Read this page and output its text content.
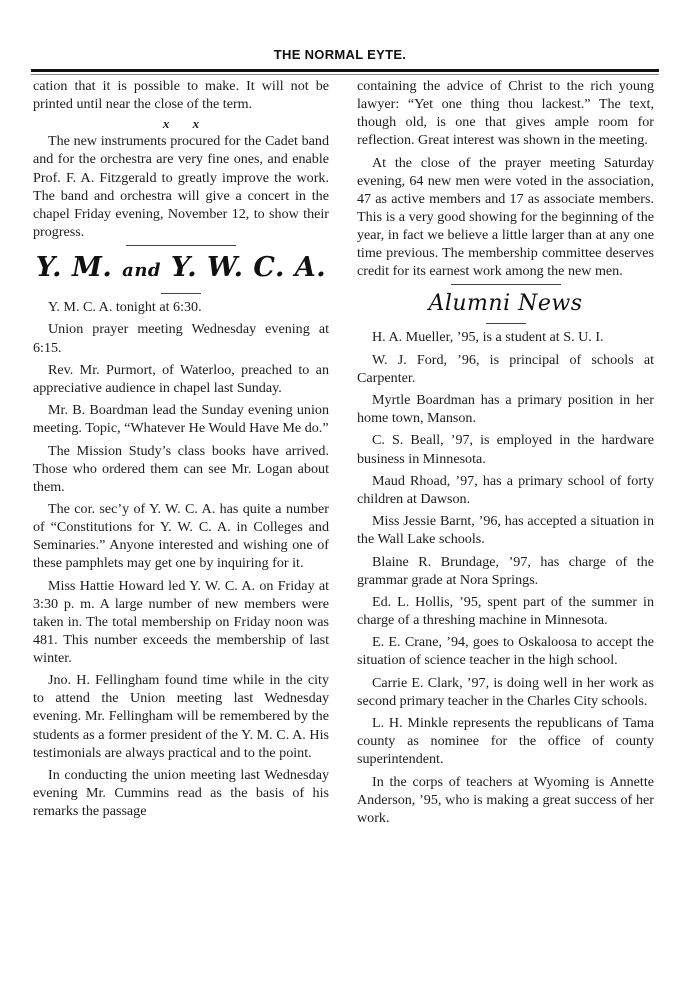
THE NORMAL EYTE.

cation that it is possible to make. It will not be printed until near the close of the term.

x x

The new instruments procured for the Cadet band and for the orchestra are very fine ones, and enable Prof. F. A. Fitzgerald to greatly improve the work. The band and orchestra will give a concert in the chapel Friday evening, November 12, to show their progress.

Y. M. and Y. W. C. A.

Y. M. C. A. tonight at 6:30.

Union prayer meeting Wednesday evening at 6:15.

Rev. Mr. Purmort, of Waterloo, preached to an appreciative audience in chapel last Sunday.

Mr. B. Boardman lead the Sunday evening union meeting. Topic, “Whatever He Would Have Me do.”

The Mission Study’s class books have arrived. Those who ordered them can see Mr. Logan about them.

The cor. sec’y of Y. W. C. A. has quite a number of “Constitutions for Y. W. C. A. in Colleges and Seminaries.” Anyone interested and wishing one of these pamphlets may get one by inquiring for it.

Miss Hattie Howard led Y. W. C. A. on Friday at 3:30 p. m. A large number of new members were taken in. The total membership on Friday noon was 481. This number exceeds the membership of last winter.

Jno. H. Fellingham found time while in the city to attend the Union meeting last Wednesday evening. Mr. Fellingham will be remembered by the students as a former president of the Y. M. C. A. His testimonials are always practical and to the point.

In conducting the union meeting last Wednesday evening Mr. Cummins read as the basis of his remarks the passage

containing the advice of Christ to the rich young lawyer: “Yet one thing thou lackest.” The text, though old, is one that gives ample room for reflection. Great interest was shown in the meeting.

At the close of the prayer meeting Saturday evening, 64 new men were voted in the association, 47 as active members and 17 as associate members. This is a very good showing for the beginning of the year, in fact we believe a little larger than at any one time previous. The membership committee deserves credit for its earnest work among the new men.

Alumni News

H. A. Mueller, ’95, is a student at S. U. I.

W. J. Ford, ’96, is principal of schools at Carpenter.

Myrtle Boardman has a primary position in her home town, Manson.

C. S. Beall, ’97, is employed in the hardware business in Minnesota.

Maud Rhoad, ’97, has a primary school of forty children at Dawson.

Miss Jessie Barnt, ’96, has accepted a situation in the Wall Lake schools.

Blaine R. Brundage, ’97, has charge of the grammar grade at Nora Springs.

Ed. L. Hollis, ’95, spent part of the summer in charge of a threshing machine in Minnesota.

E. E. Crane, ’94, goes to Oskaloosa to accept the situation of science teacher in the high school.

Carrie E. Clark, ’97, is doing well in her work as second primary teacher in the Charles City schools.

L. H. Minkle represents the republicans of Tama county as nominee for the office of county superintendent.

In the corps of teachers at Wyoming is Annette Anderson, ’95, who is making a great success of her work.
